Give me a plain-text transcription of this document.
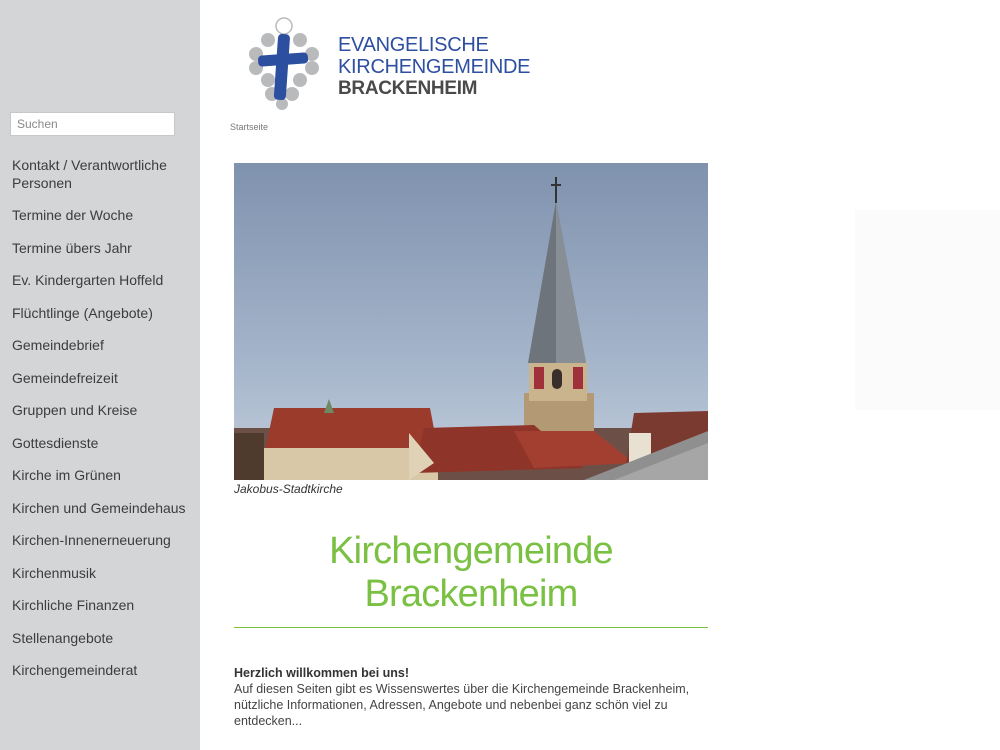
Suchen
Kontakt / Verantwortliche Personen
Termine der Woche
Termine übers Jahr
Ev. Kindergarten Hoffeld
Flüchtlinge (Angebote)
Gemeindebrief
Gemeindefreizeit
Gruppen und Kreise
Gottesdienste
Kirche im Grünen
Kirchen und Gemeindehaus
Kirchen-Innenerneuerung
Kirchenmusik
Kirchliche Finanzen
Stellenangebote
Kirchengemeinderat
EVANGELISCHE
KIRCHENGEMEINDE
BRACKENHEIM
Startseite
Jakobus-Stadtkirche
Kirchengemeinde
Brackenheim
Herzlich willkommen bei uns!
Auf diesen Seiten gibt es Wissenswertes über die Kirchengemeinde Brackenheim, nützliche Informationen, Adressen, Angebote und nebenbei ganz schön viel zu entdecken...
